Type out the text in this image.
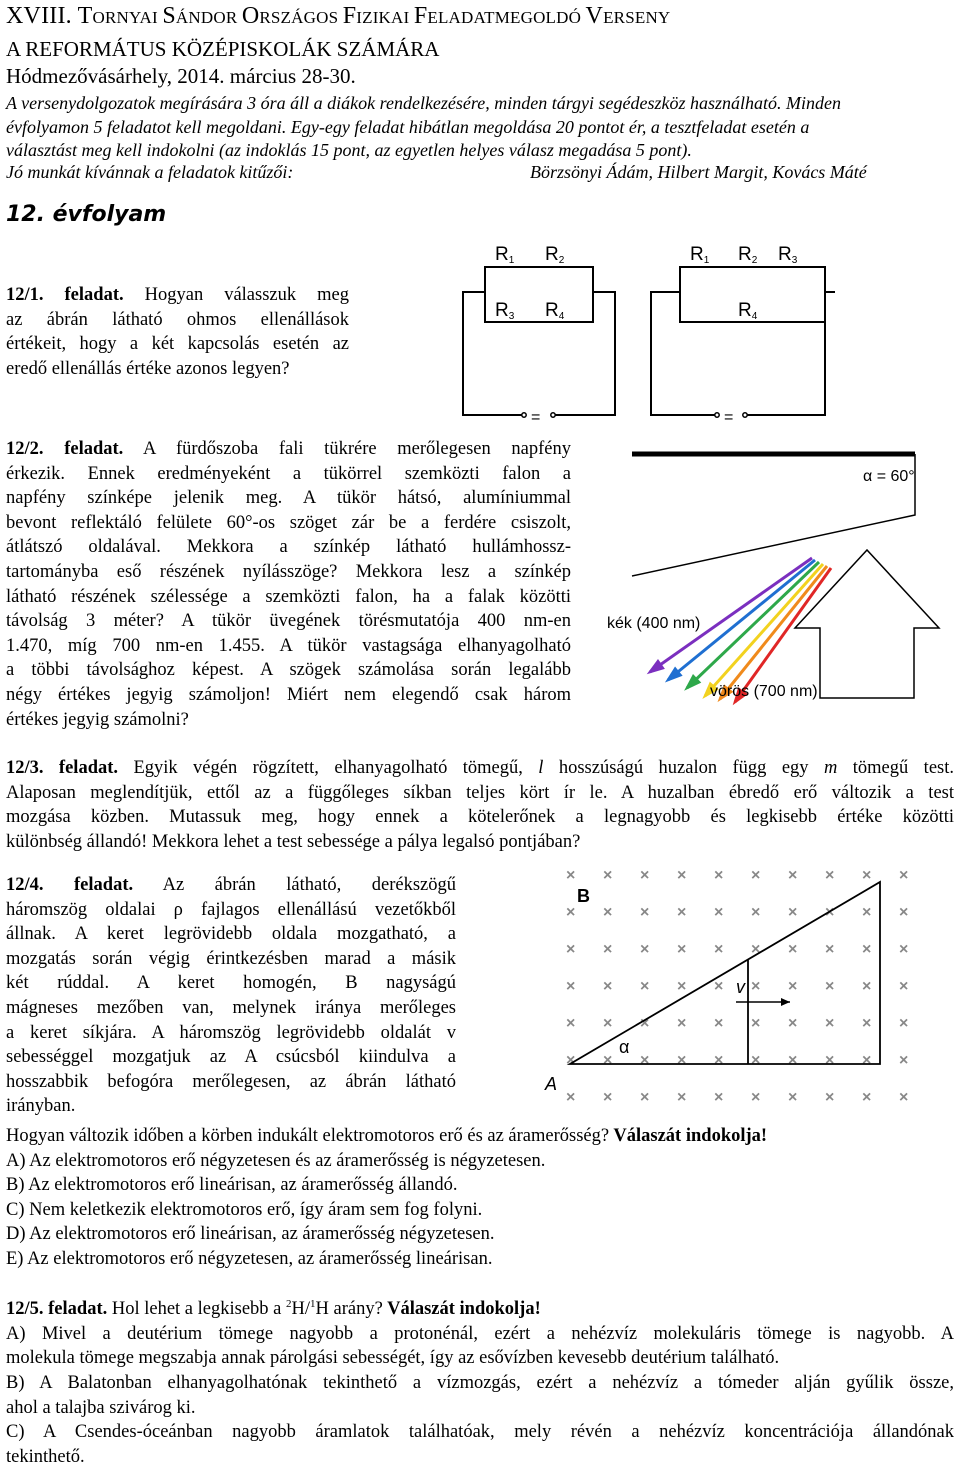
XVIII. TORNYAI SÁNDOR ORSZÁGOS FIZIKAI FELADATMEGOLDÓ VERSENY
A REFORMÁTUS KÖZÉPISKOLÁK SZÁMÁRA
Hódmezővásárhely, 2014. március 28-30.
A versenydolgozatok megírására 3 óra áll a diákok rendelkezésére, minden tárgyi segédeszköz használható. Minden
évfolyamon 5 feladatot kell megoldani. Egy-egy feladat hibátlan megoldása 20 pontot ér, a tesztfeladat esetén a
választást meg kell indokolni (az indoklás 15 pont, az egyetlen helyes válasz megadása 5 pont).
Jó munkát kívánnak a feladatok kitűzői:	Börzsönyi Ádám, Hilbert Margit, Kovács Máté
12. évfolyam
12/1. feladat. Hogyan válasszuk meg
az ábrán látható ohmos ellenállások
értékeit, hogy a két kapcsolás esetén az
eredő ellenállás értéke azonos legyen?
R1 R2
R3 R4
=
R1 R2 R3
R4
=
12/2. feladat. A fürdőszoba fali tükrére merőlegesen napfény
érkezik. Ennek eredményeként a tükörrel szemközti falon a
napfény színképe jelenik meg. A tükör hátsó, alumíniummal
bevont reflektáló felülete 60°-os szöget zár be a ferdére csiszolt,
átlátszó oldalával. Mekkora a színkép látható hullámhossz-
tartományba eső részének nyílásszöge? Mekkora lesz a színkép
látható részének szélessége a szemközti falon, ha a falak közötti
távolság 3 méter? A tükör üvegének törésmutatója 400 nm-en
1.470, míg 700 nm-en 1.455. A tükör vastagsága elhanyagolható
a többi távolsághoz képest. A szögek számolása során legalább
négy értékes jegyig számoljon! Miért nem elegendő csak három
értékes jegyig számolni?
α = 60°
kék (400 nm)
vörös (700 nm)
12/3. feladat. Egyik végén rögzített, elhanyagolható tömegű, l hosszúságú huzalon függ egy m tömegű test.
Alaposan meglendítjük, ettől az a függőleges síkban teljes kört ír le. A huzalban ébredő erő változik a test
mozgása közben. Mutassuk meg, hogy ennek a kötelerőnek a legnagyobb és legkisebb értéke közötti
különbség állandó! Mekkora lehet a test sebessége a pálya legalsó pontjában?
12/4. feladat. Az ábrán látható, derékszögű
háromszög oldalai ρ fajlagos ellenállású vezetőkből
állnak. A keret legrövidebb oldala mozgatható, a
mozgatás során végig érintkezésben marad a másik
két rúddal. A keret homogén, B nagyságú
mágneses mezőben van, melynek iránya merőleges
a keret síkjára. A háromszög legrövidebb oldalát v
sebességgel mozgatjuk az A csúcsból kiindulva a
hosszabbik befogóra merőlegesen, az ábrán látható
irányban.
× × × × × × × × × ×
× × × × × × × × × ×
× × × × × × × × × ×
× × × × × × × × × ×
× × × × × × × × × ×
× × × × × × × × × ×
× × × × × × × × × ×
B
v
α
A
Hogyan változik időben a körben indukált elektromotoros erő és az áramerősség? Válaszát indokolja!
A) Az elektromotoros erő négyzetesen és az áramerősség is négyzetesen.
B) Az elektromotoros erő lineárisan, az áramerősség állandó.
C) Nem keletkezik elektromotoros erő, így áram sem fog folyni.
D) Az elektromotoros erő lineárisan, az áramerősség négyzetesen.
E) Az elektromotoros erő négyzetesen, az áramerősség lineárisan.
12/5. feladat. Hol lehet a legkisebb a $^2$H/$^1$H arány? Válaszát indokolja!
A) Mivel a deutérium tömege nagyobb a protonénál, ezért a nehézvíz molekuláris tömege is nagyobb. A
molekula tömege megszabja annak párolgási sebességét, így az esővízben kevesebb deutérium található.
B) A Balatonban elhanyagolhatónak tekinthető a vízmozgás, ezért a nehézvíz a tómeder alján gyűlik össze,
ahol a talajba szivárog ki.
C) A Csendes-óceánban nagyobb áramlatok találhatóak, mely révén a nehézvíz koncentrációja állandónak
tekinthető.
